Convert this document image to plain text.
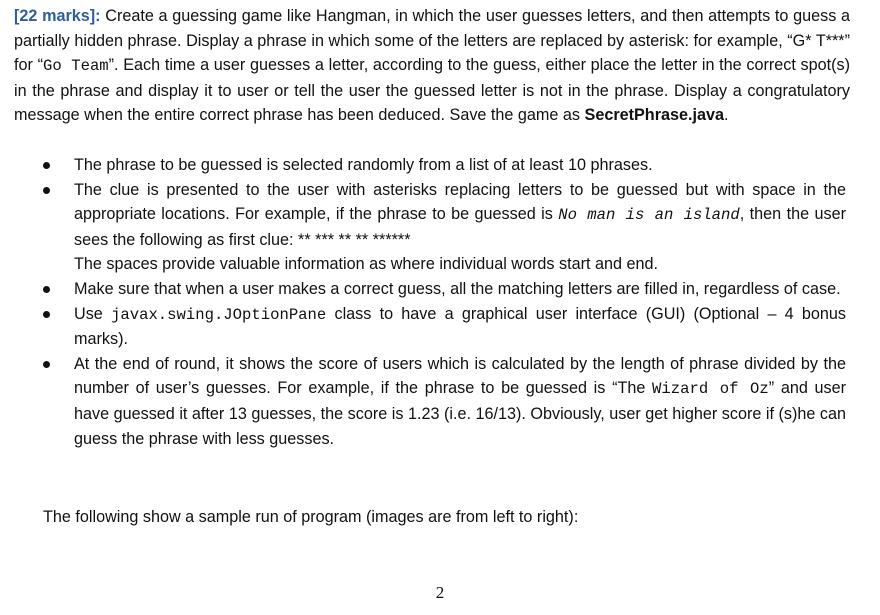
[22 marks]: Create a guessing game like Hangman, in which the user guesses letters, and then attempts to guess a partially hidden phrase. Display a phrase in which some of the letters are replaced by asterisk: for example, “G* T***” for “Go Team”. Each time a user guesses a letter, according to the guess, either place the letter in the correct spot(s) in the phrase and display it to user or tell the user the guessed letter is not in the phrase. Display a congratulatory message when the entire correct phrase has been deduced. Save the game as SecretPhrase.java.
The phrase to be guessed is selected randomly from a list of at least 10 phrases.
The clue is presented to the user with asterisks replacing letters to be guessed but with space in the appropriate locations. For example, if the phrase to be guessed is No man is an island, then the user sees the following as first clue: ** *** ** ** ******
The spaces provide valuable information as where individual words start and end.
Make sure that when a user makes a correct guess, all the matching letters are filled in, regardless of case.
Use javax.swing.JOptionPane class to have a graphical user interface (GUI) (Optional – 4 bonus marks).
At the end of round, it shows the score of users which is calculated by the length of phrase divided by the number of user’s guesses. For example, if the phrase to be guessed is “The Wizard of Oz” and user have guessed it after 13 guesses, the score is 1.23 (i.e. 16/13). Obviously, user get higher score if (s)he can guess the phrase with less guesses.
The following show a sample run of program (images are from left to right):
2
